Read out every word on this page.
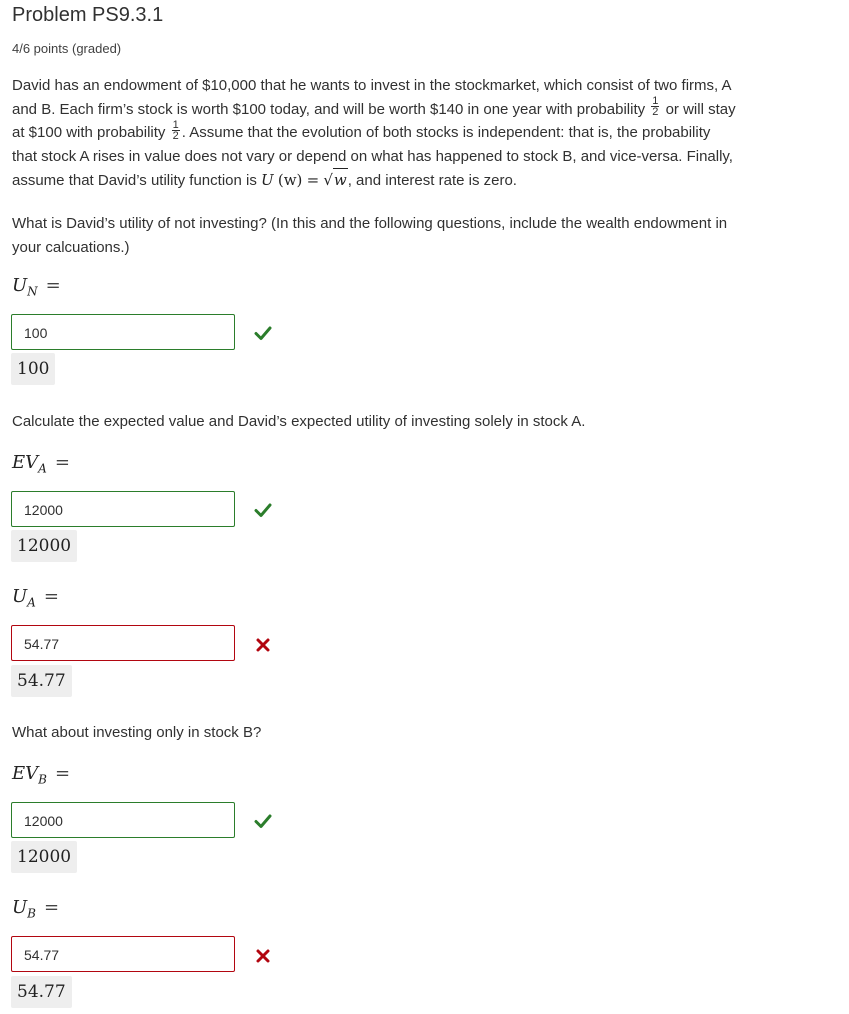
Problem PS9.3.1
4/6 points (graded)
David has an endowment of $10,000 that he wants to invest in the stockmarket, which consist of two firms, A
and B. Each firm’s stock is worth $100 today, and will be worth $140 in one year with probability $\frac{1}{2}$ or will stay
at $100 with probability $\frac{1}{2}$ . Assume that the evolution of both stocks is independent: that is, the probability
that stock A rises in value does not vary or depend on what has happened to stock B, and vice-versa. Finally,
assume that David’s utility function is U (w) = √w, and interest rate is zero.
What is David’s utility of not investing? (In this and the following questions, include the wealth endowment in
your calcuations.)
$U_N$ =
100
100
Calculate the expected value and David’s expected utility of investing solely in stock A.
$EV_A$ =
12000
12000
$U_A$ =
54.77
54.77
What about investing only in stock B?
$EV_B$ =
12000
12000
$U_B$ =
54.77
54.77
